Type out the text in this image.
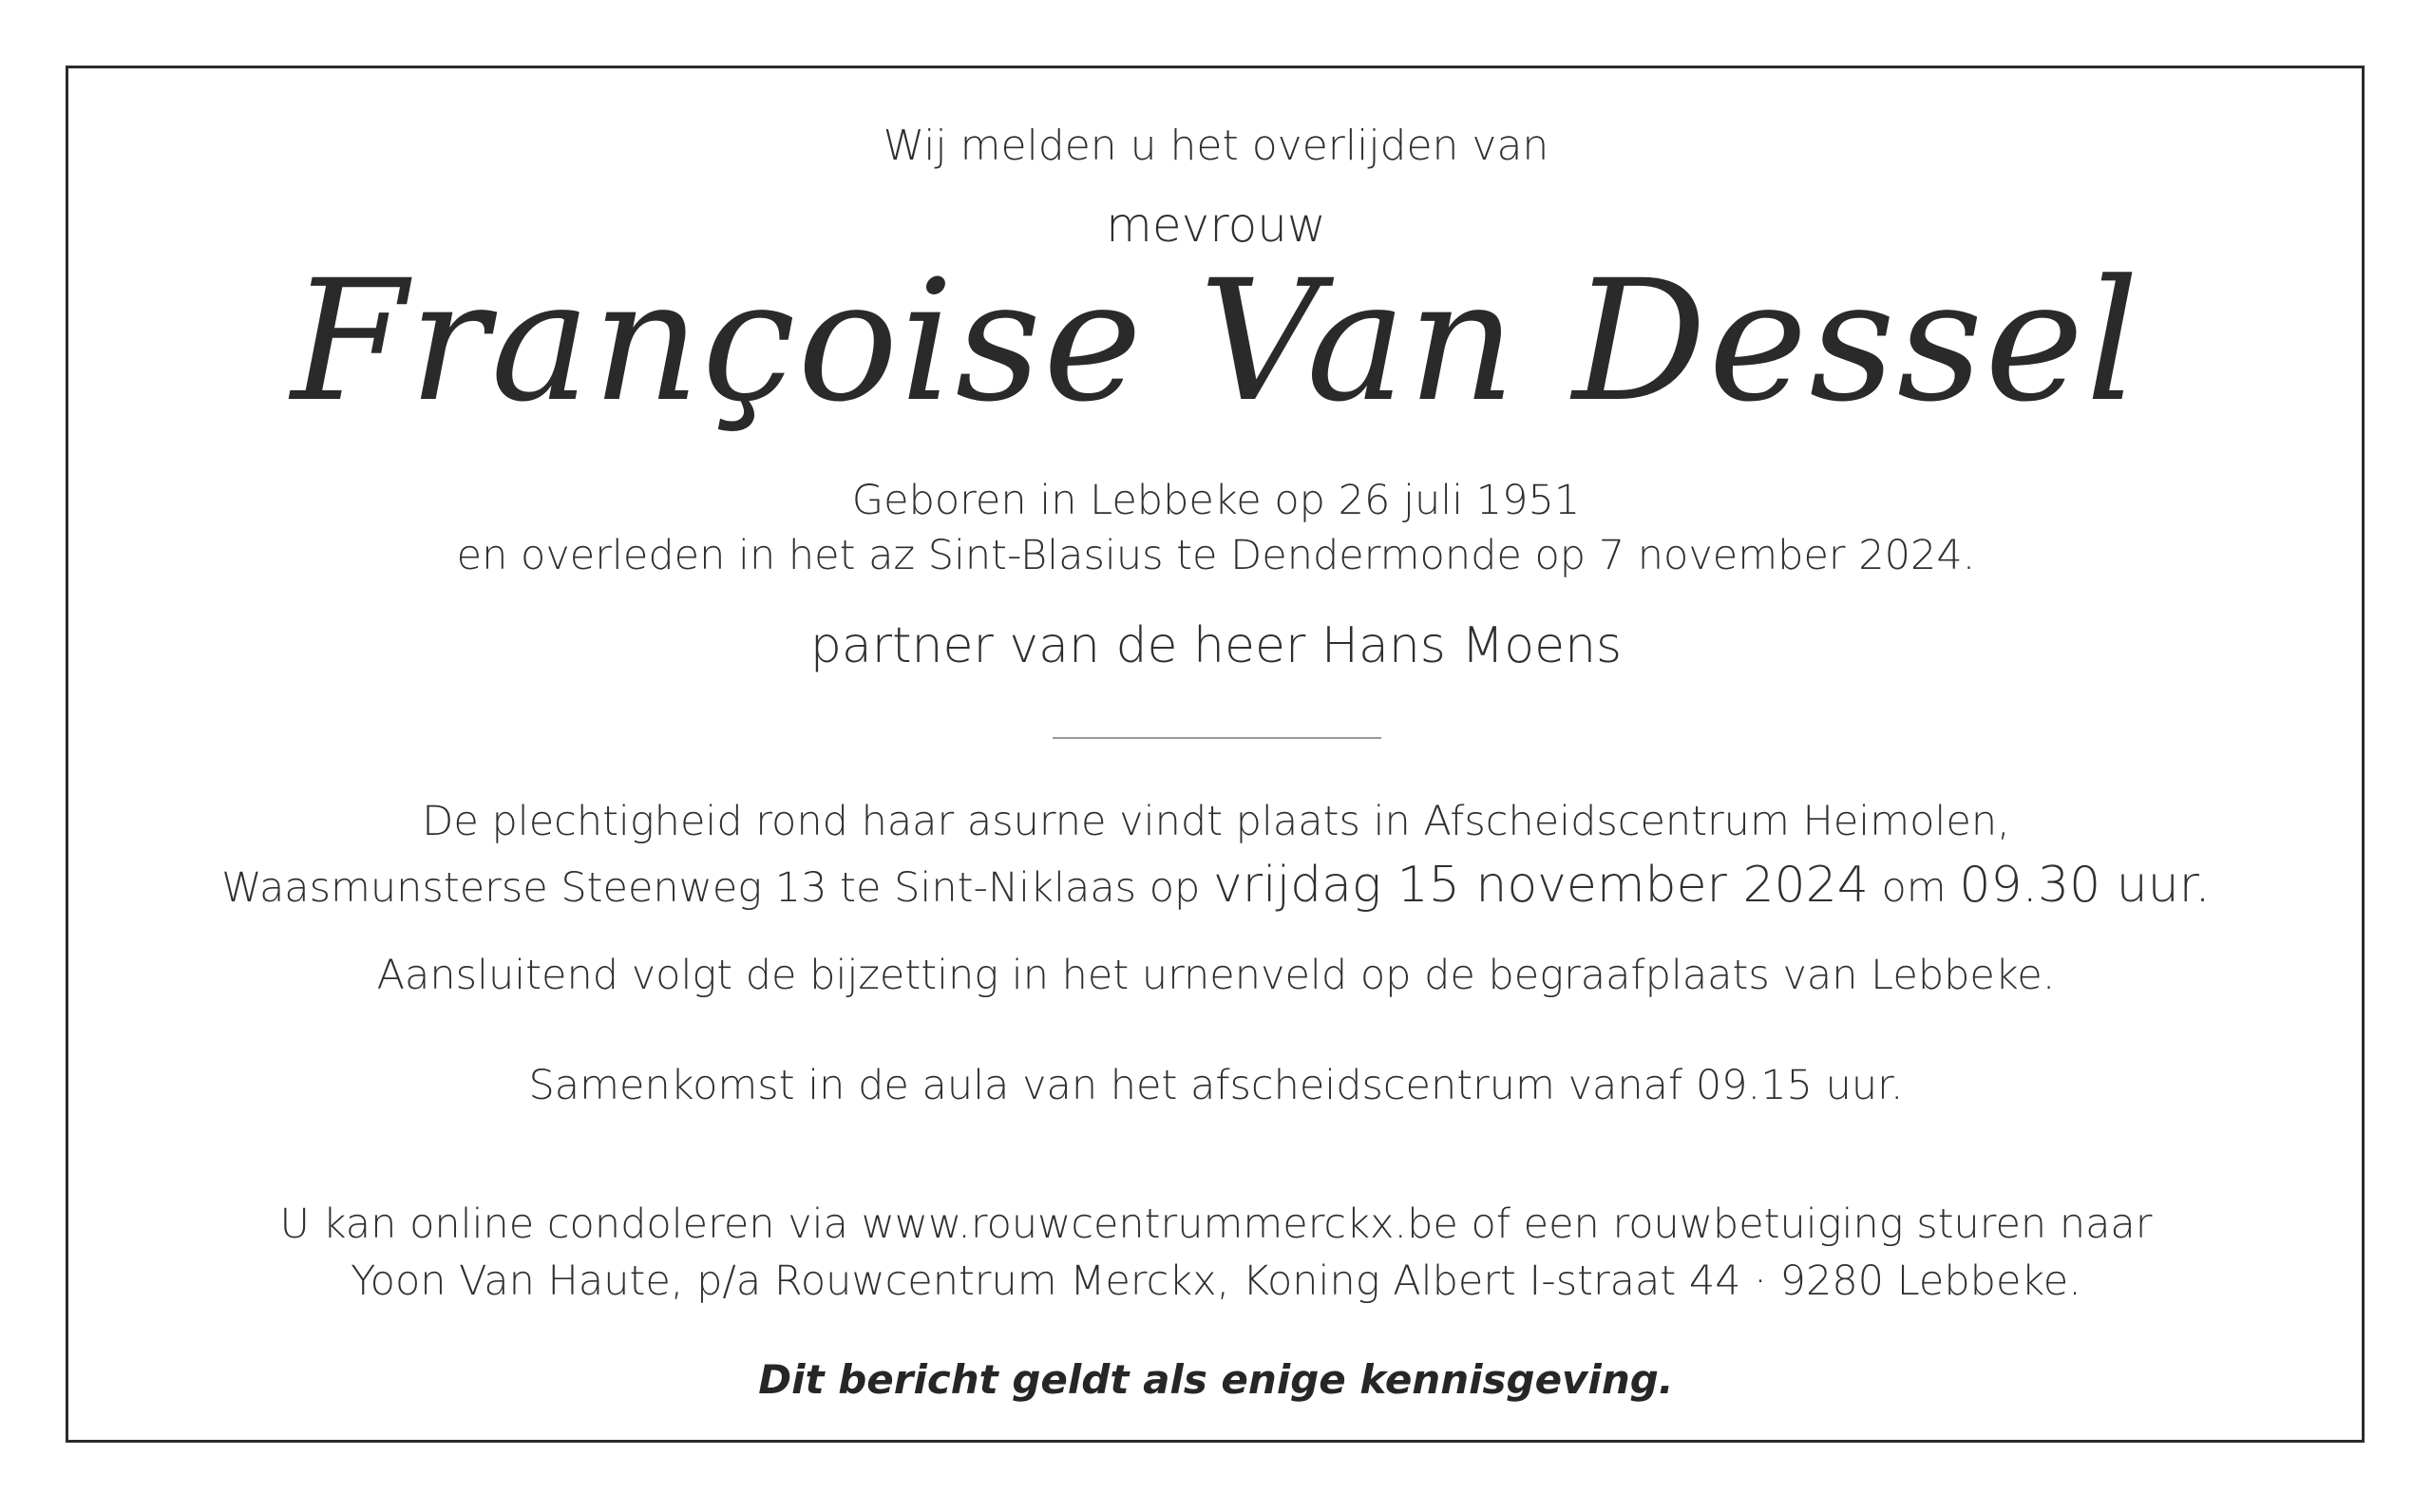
Wij melden u het overlijden van
mevrouw
Françoise Van Dessel
Geboren in Lebbeke op 26 juli 1951
en overleden in het az Sint-Blasius te Dendermonde op 7 november 2024.
partner van de heer Hans Moens
De plechtigheid rond haar asurne vindt plaats in Afscheidscentrum Heimolen,
Waasmunsterse Steenweg 13 te Sint-Niklaas op vrijdag 15 november 2024 om 09.30 uur.
Aansluitend volgt de bijzetting in het urnenveld op de begraafplaats van Lebbeke.
Samenkomst in de aula van het afscheidscentrum vanaf 09.15 uur.
U kan online condoleren via www.rouwcentrummerckx.be of een rouwbetuiging sturen naar
Yoon Van Haute, p/a Rouwcentrum Merckx, Koning Albert I-straat 44 · 9280 Lebbeke.
Dit bericht geldt als enige kennisgeving.
